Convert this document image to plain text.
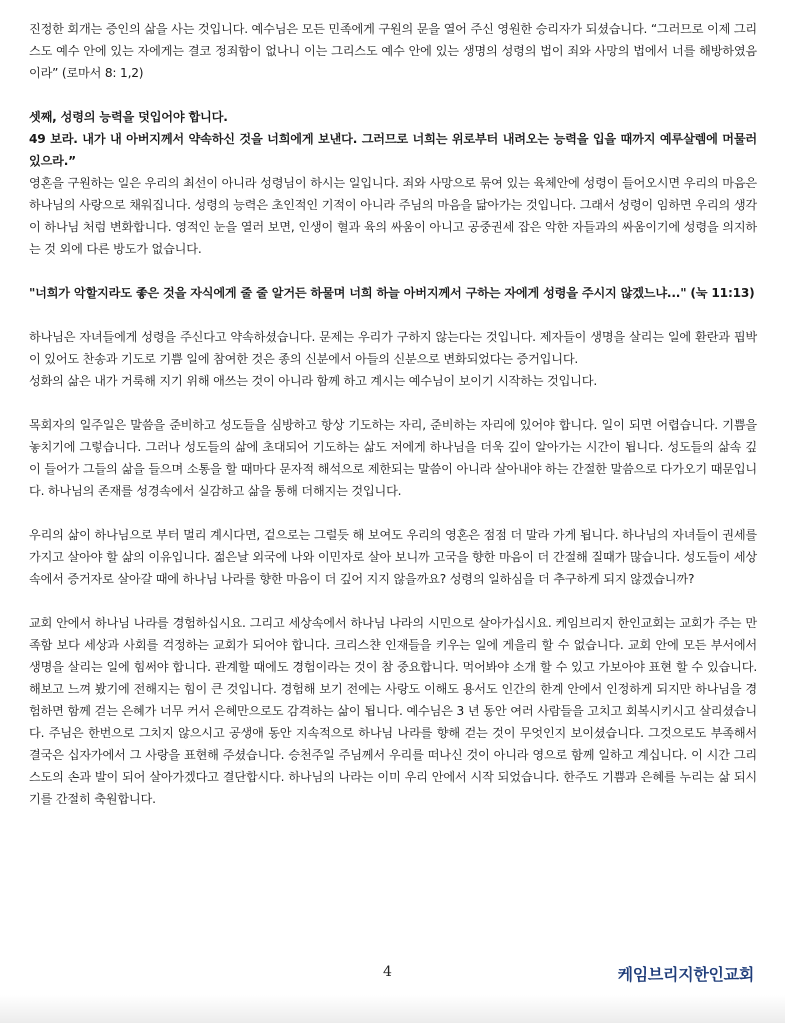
진정한 회개는 증인의 삶을 사는 것입니다. 예수님은 모든 민족에게 구원의 문을 열어 주신 영원한 승리자가 되셨습니다. “그러므로 이제 그리스도 예수 안에 있는 자에게는 결코 정죄함이 없나니 이는 그리스도 예수 안에 있는 생명의 성령의 법이 죄와 사망의 법에서 너를 해방하였음이라” (로마서 8: 1,2)

셋째, 성령의 능력을 덧입어야 합니다.

49 보라. 내가 내 아버지께서 약속하신 것을 너희에게 보낸다. 그러므로 너희는 위로부터 내려오는 능력을 입을 때까지 예루살렘에 머물러 있으라.”

영혼을 구원하는 일은 우리의 최선이 아니라 성령님이 하시는 일입니다. 죄와 사망으로 묶여 있는 육체안에 성령이 들어오시면 우리의 마음은 하나님의 사랑으로 채워집니다. 성령의 능력은 초인적인 기적이 아니라 주님의 마음을 닮아가는 것입니다. 그래서 성령이 임하면 우리의 생각이 하나님 처럼 변화합니다. 영적인 눈을 열러 보면, 인생이 혈과 육의 싸움이 아니고 공중권세 잡은 악한 자들과의 싸움이기에 성령을 의지하는 것 외에 다른 방도가 없습니다.

"너희가 악할지라도 좋은 것을 자식에게 줄 줄 알거든 하물며 너희 하늘 아버지께서 구하는 자에게 성령을 주시지 않겠느냐..." (눅 11:13)

하나님은 자녀들에게 성령을 주신다고 약속하셨습니다. 문제는 우리가 구하지 않는다는 것입니다. 제자들이 생명을 살리는 일에 환란과 핍박이 있어도 찬송과 기도로 기쁨 일에 참여한 것은 종의 신분에서 아들의 신분으로 변화되었다는 증거입니다.

성화의 삶은 내가 거룩해 지기 위해 애쓰는 것이 아니라 함께 하고 계시는 예수님이 보이기 시작하는 것입니다.

목회자의 일주일은 말씀을 준비하고 성도들을 심방하고 항상 기도하는 자리, 준비하는 자리에 있어야 합니다. 일이 되면 어렵습니다. 기쁨을 놓치기에 그렇습니다. 그러나 성도들의 삶에 초대되어 기도하는 삶도 저에게 하나님을 더욱 깊이 알아가는 시간이 됩니다. 성도들의 삶속 깊이 들어가 그들의 삶을 들으며 소통을 할 때마다 문자적 해석으로 제한되는 말씀이 아니라 살아내야 하는 간절한 말씀으로 다가오기 때문입니다. 하나님의 존재를 성경속에서 실감하고 삶을 통해 더해지는 것입니다.

우리의 삶이 하나님으로 부터 멀리 계시다면, 겉으로는 그럴듯 해 보여도 우리의 영혼은 점점 더 말라 가게 됩니다. 하나님의 자녀들이 권세를 가지고 살아야 할 삶의 이유입니다. 젊은날 외국에 나와 이민자로 살아 보니까 고국을 향한 마음이 더 간절해 질때가 많습니다. 성도들이 세상속에서 증거자로 살아갈 때에 하나님 나라를 향한 마음이 더 깊어 지지 않을까요? 성령의 일하심을 더 추구하게 되지 않겠습니까?

교회 안에서 하나님 나라를 경험하십시요. 그리고 세상속에서 하나님 나라의 시민으로 살아가십시요. 케임브리지 한인교회는 교회가 주는 만족함 보다 세상과 사회를 걱정하는 교회가 되어야 합니다. 크리스챤 인재들을 키우는 일에 게을리 할 수 없습니다. 교회 안에 모든 부서에서 생명을 살리는 일에 힘써야 합니다. 관계할 때에도 경험이라는 것이 참 중요합니다. 먹어봐야 소개 할 수 있고 가보아야 표현 할 수 있습니다. 해보고 느껴 봤기에 전해지는 힘이 큰 것입니다. 경험해 보기 전에는 사랑도 이해도 용서도 인간의 한계 안에서 인정하게 되지만 하나님을 경험하면 함께 걷는 은혜가 너무 커서 은혜만으로도 감격하는 삶이 됩니다. 예수님은 3 년 동안 여러 사람들을 고치고 회복시키시고 살리셨습니다. 주님은 한번으로 그치지 않으시고 공생애 동안 지속적으로 하나님 나라를 향해 걷는 것이 무엇인지 보이셨습니다. 그것으로도 부족해서 결국은 십자가에서 그 사랑을 표현해 주셨습니다. 승천주일 주님께서 우리를 떠나신 것이 아니라 영으로 함께 일하고 계십니다. 이 시간 그리스도의 손과 발이 되어 살아가겠다고 결단합시다. 하나님의 나라는 이미 우리 안에서 시작 되었습니다. 한주도 기쁨과 은혜를 누리는 삶 되시기를 간절히 축원합니다.

4	케임브리지한인교회
